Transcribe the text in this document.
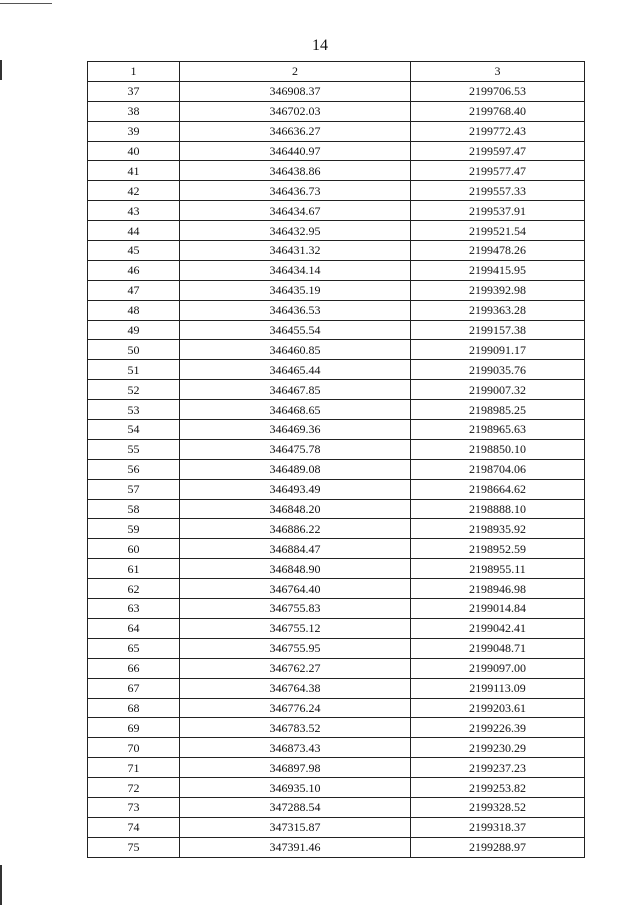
14
1	2	3
37	346908.37	2199706.53
38	346702.03	2199768.40
39	346636.27	2199772.43
40	346440.97	2199597.47
41	346438.86	2199577.47
42	346436.73	2199557.33
43	346434.67	2199537.91
44	346432.95	2199521.54
45	346431.32	2199478.26
46	346434.14	2199415.95
47	346435.19	2199392.98
48	346436.53	2199363.28
49	346455.54	2199157.38
50	346460.85	2199091.17
51	346465.44	2199035.76
52	346467.85	2199007.32
53	346468.65	2198985.25
54	346469.36	2198965.63
55	346475.78	2198850.10
56	346489.08	2198704.06
57	346493.49	2198664.62
58	346848.20	2198888.10
59	346886.22	2198935.92
60	346884.47	2198952.59
61	346848.90	2198955.11
62	346764.40	2198946.98
63	346755.83	2199014.84
64	346755.12	2199042.41
65	346755.95	2199048.71
66	346762.27	2199097.00
67	346764.38	2199113.09
68	346776.24	2199203.61
69	346783.52	2199226.39
70	346873.43	2199230.29
71	346897.98	2199237.23
72	346935.10	2199253.82
73	347288.54	2199328.52
74	347315.87	2199318.37
75	347391.46	2199288.97
